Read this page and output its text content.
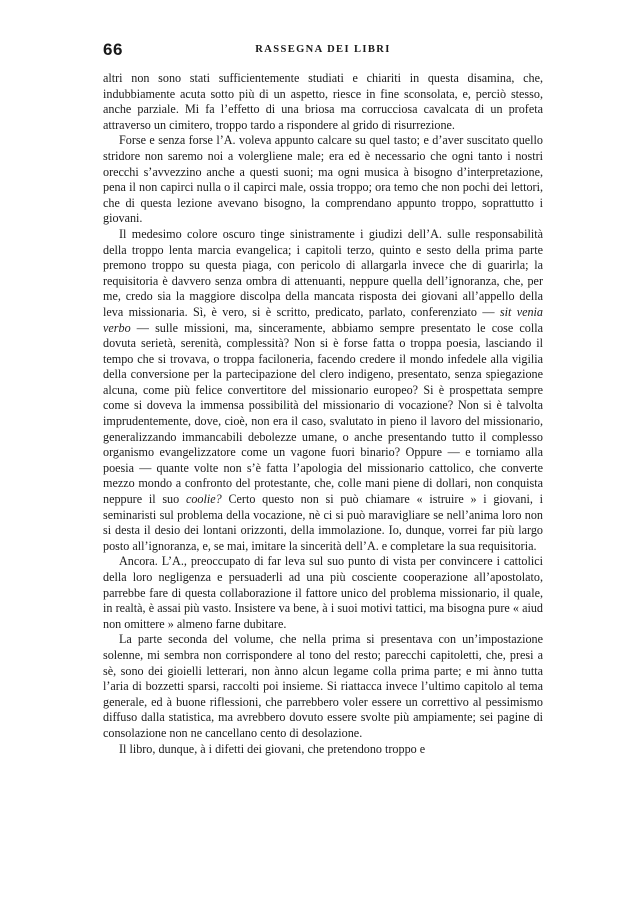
66	RASSEGNA DEI LIBRI

altri non sono stati sufficientemente studiati e chiariti in questa disamina, che, indubbiamente acuta sotto più di un aspetto, riesce in fine sconsolata, e, perciò stesso, anche parziale. Mi fa l’effetto di una briosa ma corrucciosa cavalcata di un profeta attraverso un cimitero, troppo tardo a rispondere al grido di risurrezione.

Forse e senza forse l’A. voleva appunto calcare su quel tasto; e d’aver suscitato quello stridore non saremo noi a volergliene male; era ed è necessario che ogni tanto i nostri orecchi s’avvezzino anche a questi suoni; ma ogni musica à bisogno d’interpretazione, pena il non capirci nulla o il capirci male, ossia troppo; ora temo che non pochi dei lettori, che di questa lezione avevano bisogno, la comprendano appunto troppo, soprattutto i giovani.

Il medesimo colore oscuro tinge sinistramente i giudizi dell’A. sulle responsabilità della troppo lenta marcia evangelica; i capitoli terzo, quinto e sesto della prima parte premono troppo su questa piaga, con pericolo di allargarla invece che di guarirla; la requisitoria è davvero senza ombra di attenuanti, neppure quella dell’ignoranza, che, per me, credo sia la maggiore discolpa della mancata risposta dei giovani all’appello della leva missionaria. Sì, è vero, si è scritto, predicato, parlato, conferenziato — sit venia verbo — sulle missioni, ma, sinceramente, abbiamo sempre presentato le cose colla dovuta serietà, serenità, complessità? Non si è forse fatta o troppa poesia, lasciando il tempo che si trovava, o troppa faciloneria, facendo credere il mondo infedele alla vigilia della conversione per la partecipazione del clero indigeno, presentato, senza spiegazione alcuna, come più felice convertitore del missionario europeo? Si è prospettata sempre come si doveva la immensa possibilità del missionario di vocazione? Non si è talvolta imprudentemente, dove, cioè, non era il caso, svalutato in pieno il lavoro del missionario, generalizzando immancabili debolezze umane, o anche presentando tutto il complesso organismo evangelizzatore come un vagone fuori binario? Oppure — e torniamo alla poesia — quante volte non s’è fatta l’apologia del missionario cattolico, che converte mezzo mondo a confronto del protestante, che, colle mani piene di dollari, non conquista neppure il suo coolie? Certo questo non si può chiamare « istruire » i giovani, i seminaristi sul problema della vocazione, nè ci si può maravigliare se nell’anima loro non si desta il desio dei lontani orizzonti, della immolazione. Io, dunque, vorrei far più largo posto all’ignoranza, e, se mai, imitare la sincerità dell’A. e completare la sua requisitoria.

Ancora. L’A., preoccupato di far leva sul suo punto di vista per convincere i cattolici della loro negligenza e persuaderli ad una più cosciente cooperazione all’apostolato, parrebbe fare di questa collaborazione il fattore unico del problema missionario, il quale, in realtà, è assai più vasto. Insistere va bene, à i suoi motivi tattici, ma bisogna pure « aiud non omittere » almeno farne dubitare.

La parte seconda del volume, che nella prima si presentava con un’impostazione solenne, mi sembra non corrispondere al tono del resto; parecchi capitoletti, che, presi a sè, sono dei gioielli letterari, non ànno alcun legame colla prima parte; e mi ànno tutta l’aria di bozzetti sparsi, raccolti poi insieme. Si riattacca invece l’ultimo capitolo al tema generale, ed à buone riflessioni, che parrebbero voler essere un correttivo al pessimismo diffuso dalla statistica, ma avrebbero dovuto essere svolte più ampiamente; sei pagine di consolazione non ne cancellano cento di desolazione.

Il libro, dunque, à i difetti dei giovani, che pretendono troppo e
